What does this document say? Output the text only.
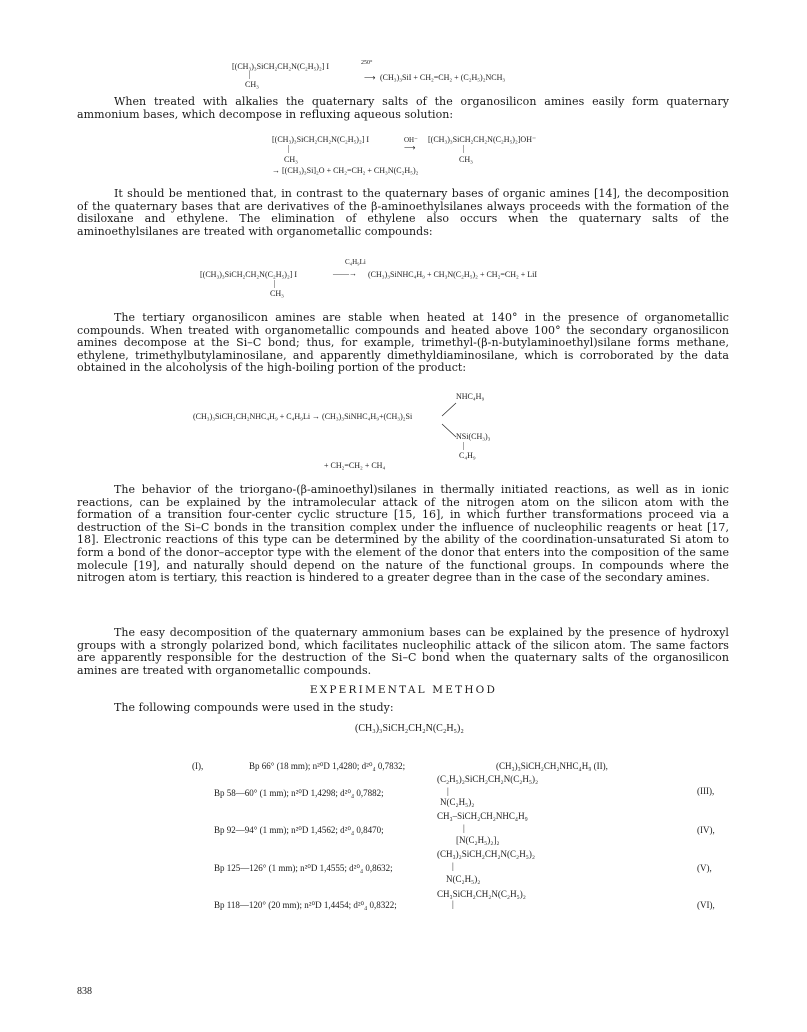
[(CH₃)₃SiCH₂CH₂N(C₂H₅)₂] I	250°
|
CH₃
⟶ (CH₃)₃SiI + CH₂=CH₂ + (C₂H₅)₂NCH₃

When treated with alkalies the quaternary salts of the organosilicon amines easily form quaternary ammonium bases, which decompose in refluxing aqueous solution:

[(CH₃)₃SiCH₂CH₂N(C₂H₅)₂] I	OH⁻
⟶
[(CH₃)₃SiCH₂CH₂N(C₂H₅)₂]OH⁻
|	|
CH₃	CH₃
→ [(CH₃)₃Si]₂O + CH₂=CH₂ + CH₃N(C₂H₅)₂

It should be mentioned that, in contrast to the quaternary bases of organic amines [14], the decomposition of the quaternary bases that are derivatives of the β-aminoethylsilanes always proceeds with the formation of the disiloxane and ethylene. The elimination of ethylene also occurs when the quaternary salts of the aminoethylsilanes are treated with organometallic compounds:

C₄H₉Li
[(CH₃)₃SiCH₂CH₂N(C₂H₅)₂] I	——→ (CH₃)₃SiNHC₄H₉ + CH₃N(C₂H₅)₂ + CH₂=CH₂ + LiI
|
CH₃

The tertiary organosilicon amines are stable when heated at 140° in the presence of organometallic compounds. When treated with organometallic compounds and heated above 100° the secondary organosilicon amines decompose at the Si–C bond; thus, for example, trimethyl-(β-n-butylaminoethyl)silane forms methane, ethylene, trimethylbutylaminosilane, and apparently dimethyldiaminosilane, which is corroborated by the data obtained in the alcoholysis of the high-boiling portion of the product:

NHC₄H₉
(CH₃)₃SiCH₂CH₂NHC₄H₉ + C₄H₉Li → (CH₃)₃SiNHC₄H₉+(CH₃)₂Si
NSi(CH₃)₃
|
C₄H₉
+ CH₂=CH₂ + CH₄

The behavior of the triorgano-(β-aminoethyl)silanes in thermally initiated reactions, as well as in ionic reactions, can be explained by the intramolecular attack of the nitrogen atom on the silicon atom with the formation of a transition four-center cyclic structure [15, 16], in which further transformations proceed via a destruction of the Si–C bonds in the transition complex under the influence of nucleophilic reagents or heat [17, 18]. Electronic reactions of this type can be determined by the ability of the coordination-unsaturated Si atom to form a bond of the donor–acceptor type with the element of the donor that enters into the composition of the same molecule [19], and naturally should depend on the nature of the functional groups. In compounds where the nitrogen atom is tertiary, this reaction is hindered to a greater degree than in the case of the secondary amines.

The easy decomposition of the quaternary ammonium bases can be explained by the presence of hydroxyl groups with a strongly polarized bond, which facilitates nucleophilic attack of the silicon atom. The same factors are apparently responsible for the destruction of the Si–C bond when the quaternary salts of the organosilicon amines are treated with organometallic compounds.

EXPERIMENTAL METHOD

The following compounds were used in the study:

(CH₃)₃SiCH₂CH₂N(C₂H₅)₂
(I),	Bp 66° (18 mm); n²⁰D 1,4280; d²⁰₄ 0,7832;	(CH₃)₃SiCH₂CH₂NHC₄H₉ (II),
(C₂H₅)₂SiCH₂CH₂N(C₂H₅)₂
Bp 58—60° (1 mm); n²⁰D 1,4298; d²⁰₄ 0,7882;	|	(III),
N(C₂H₅)₂
CH₃–SiCH₂CH₂NHC₄H₉
Bp 92—94° (1 mm); n²⁰D 1,4562; d²⁰₄ 0,8470;	|	(IV),
[N(C₂H₅)₂]₂
(CH₃)₂SiCH₂CH₂N(C₂H₅)₂
Bp 125—126° (1 mm); n²⁰D 1,4555; d²⁰₄ 0,8632;	|	(V),
N(C₂H₅)₂
CH₃SiCH₂CH₂N(C₂H₅)₂
Bp 118—120° (20 mm); n²⁰D 1,4454; d²⁰₄ 0,8322;	|	(VI),
838
